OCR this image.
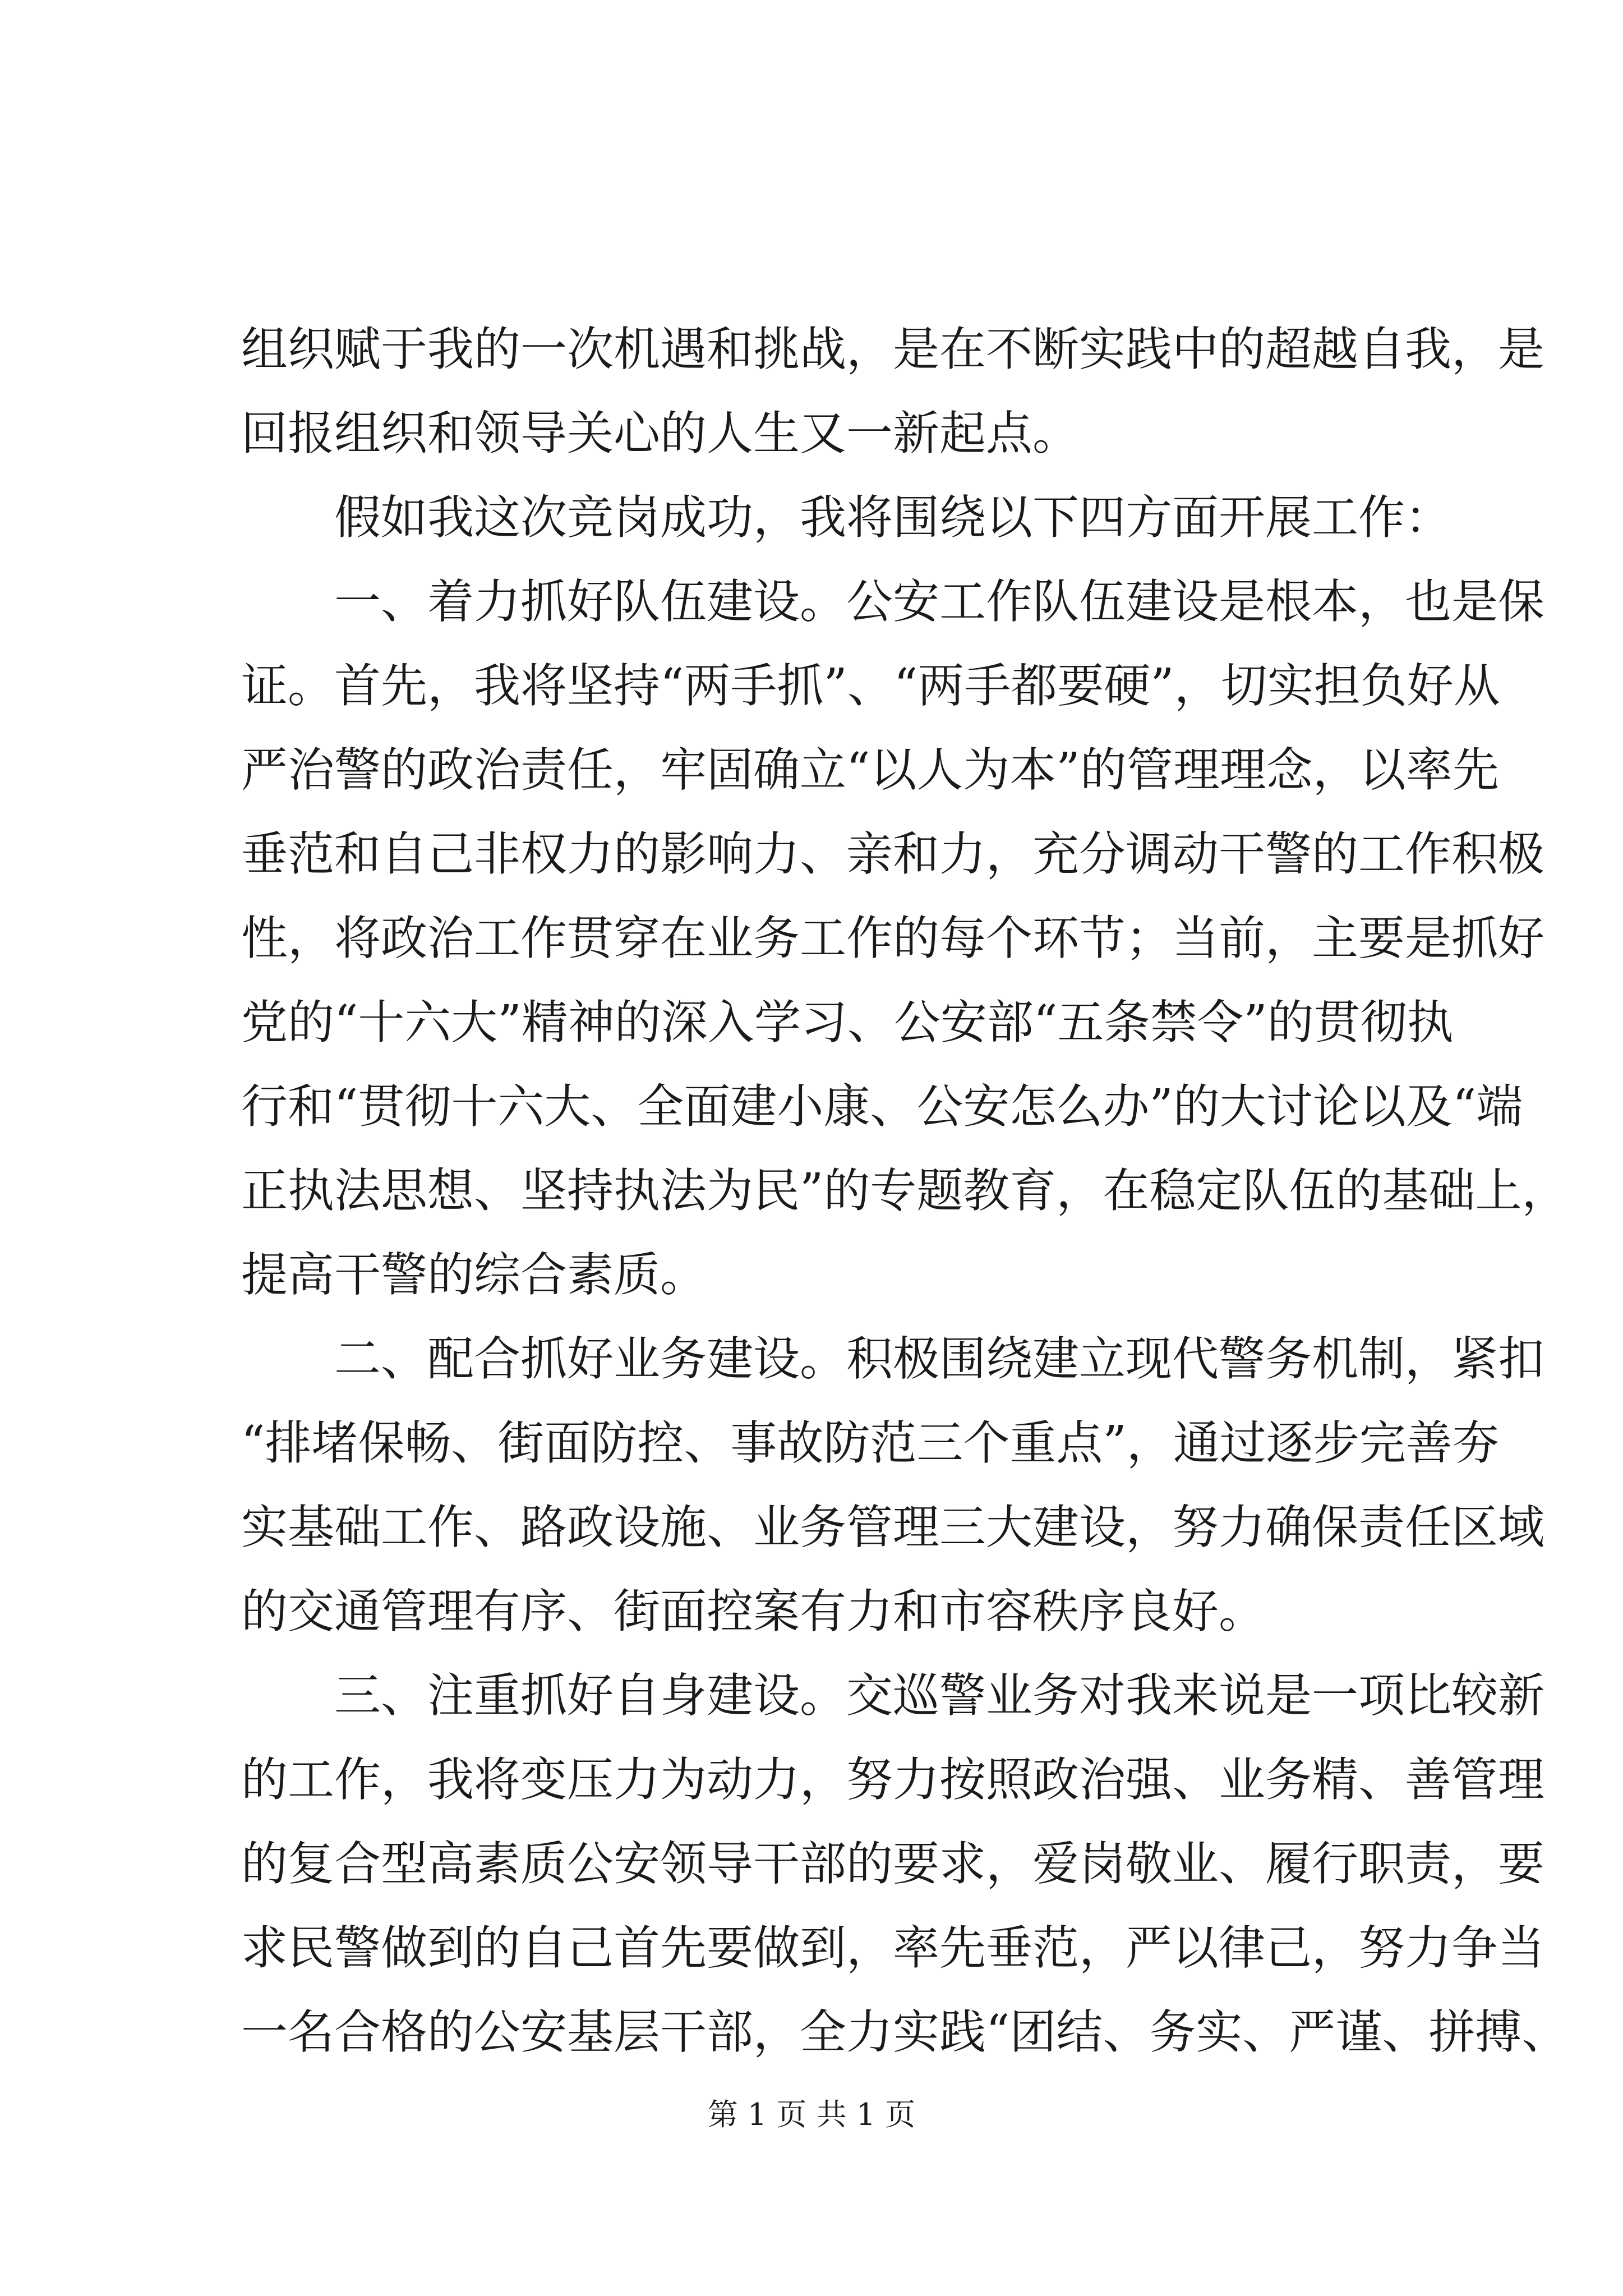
组织赋于我的一次机遇和挑战，是在不断实践中的超越自我，是
回报组织和领导关心的人生又一新起点。
假如我这次竞岗成功，我将围绕以下四方面开展工作：
一、着力抓好队伍建设。公安工作队伍建设是根本，也是保
证。首先，我将坚持“两手抓”、“两手都要硬”，切实担负好从
严治警的政治责任，牢固确立“以人为本”的管理理念，以率先
垂范和自己非权力的影响力、亲和力，充分调动干警的工作积极
性，将政治工作贯穿在业务工作的每个环节；当前，主要是抓好
党的“十六大”精神的深入学习、公安部“五条禁令”的贯彻执
行和“贯彻十六大、全面建小康、公安怎么办”的大讨论以及“端
正执法思想、坚持执法为民”的专题教育，在稳定队伍的基础上，
提高干警的综合素质。
二、配合抓好业务建设。积极围绕建立现代警务机制，紧扣
“排堵保畅、街面防控、事故防范三个重点”，通过逐步完善夯
实基础工作、路政设施、业务管理三大建设，努力确保责任区域
的交通管理有序、街面控案有力和市容秩序良好。
三、注重抓好自身建设。交巡警业务对我来说是一项比较新
的工作，我将变压力为动力，努力按照政治强、业务精、善管理
的复合型高素质公安领导干部的要求，爱岗敬业、履行职责，要
求民警做到的自己首先要做到，率先垂范，严以律己，努力争当
一名合格的公安基层干部，全力实践“团结、务实、严谨、拼搏、
第 1 页 共 1 页
